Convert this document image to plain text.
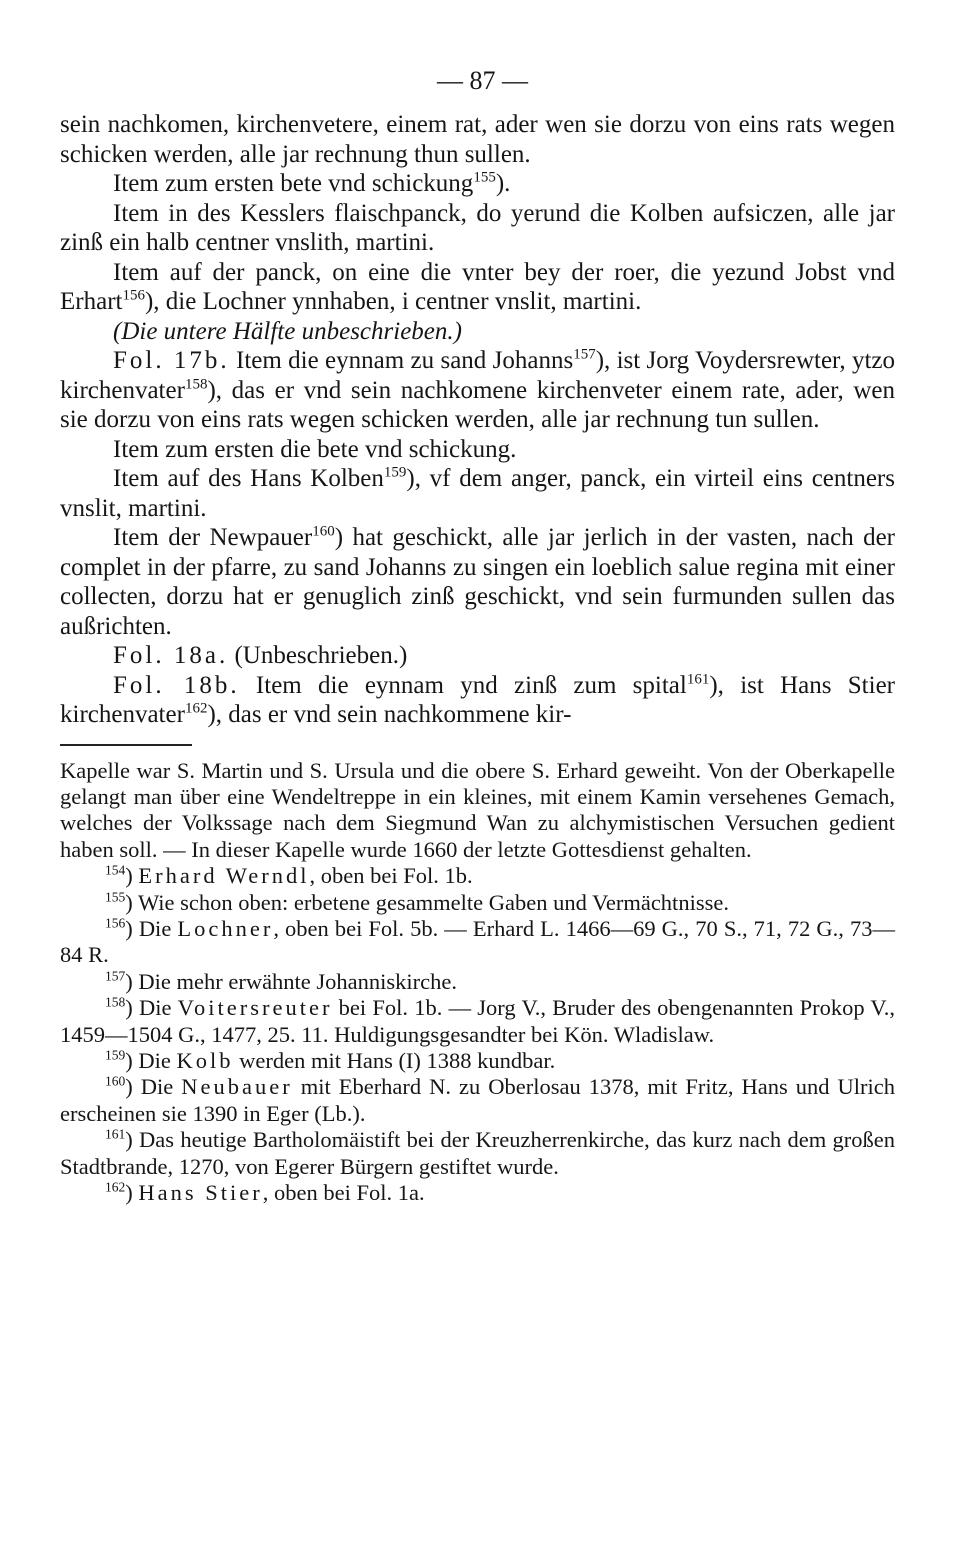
— 87 —

sein nachkomen, kirchenvetere, einem rat, ader wen sie dorzu von eins rats wegen schicken werden, alle jar rechnung thun sullen.

Item zum ersten bete vnd schickung$^{155}$).

Item in des Kesslers flaischpanck, do yerund die Kolben aufsiczen, alle jar zinß ein halb centner vnslith, martini.

Item auf der panck, on eine die vnter bey der roer, die yezund Jobst vnd Erhart$^{156}$), die Lochner ynnhaben, i centner vnslit, martini.

(Die untere Hälfte unbeschrieben.)

Fol. 17b. Item die eynnam zu sand Johanns$^{157}$), ist Jorg Voydersrewter, ytzo kirchenvater$^{158}$), das er vnd sein nachkomene kirchenveter einem rate, ader, wen sie dorzu von eins rats wegen schicken werden, alle jar rechnung tun sullen.

Item zum ersten die bete vnd schickung.

Item auf des Hans Kolben$^{159}$), vf dem anger, panck, ein virteil eins centners vnslit, martini.

Item der Newpauer$^{160}$) hat geschickt, alle jar jerlich in der vasten, nach der complet in der pfarre, zu sand Johanns zu singen ein loeblich salue regina mit einer collecten, dorzu hat er genuglich zinß geschickt, vnd sein furmunden sullen das außrichten.

Fol. 18a. (Unbeschrieben.)

Fol. 18b. Item die eynnam ynd zinß zum spital$^{161}$), ist Hans Stier kirchenvater$^{162}$), das er vnd sein nachkommene kir-

Kapelle war S. Martin und S. Ursula und die obere S. Erhard geweiht. Von der Oberkapelle gelangt man über eine Wendeltreppe in ein kleines, mit einem Kamin versehenes Gemach, welches der Volkssage nach dem Siegmund Wan zu alchymistischen Versuchen gedient haben soll. — In dieser Kapelle wurde 1660 der letzte Gottesdienst gehalten.

$^{154}$) Erhard Werndl, oben bei Fol. 1b.

$^{155}$) Wie schon oben: erbetene gesammelte Gaben und Vermächtnisse.

$^{156}$) Die Lochner, oben bei Fol. 5b. — Erhard L. 1466—69 G., 70 S., 71, 72 G., 73—84 R.

$^{157}$) Die mehr erwähnte Johanniskirche.

$^{158}$) Die Voitersreuter bei Fol. 1b. — Jorg V., Bruder des obengenannten Prokop V., 1459—1504 G., 1477, 25. 11. Huldigungsgesandter bei Kön. Wladislaw.

$^{159}$) Die Kolb werden mit Hans (I) 1388 kundbar.

$^{160}$) Die Neubauer mit Eberhard N. zu Oberlosau 1378, mit Fritz, Hans und Ulrich erscheinen sie 1390 in Eger (Lb.).

$^{161}$) Das heutige Bartholomäistift bei der Kreuzherrenkirche, das kurz nach dem großen Stadtbrande, 1270, von Egerer Bürgern gestiftet wurde.

$^{162}$) Hans Stier, oben bei Fol. 1a.
